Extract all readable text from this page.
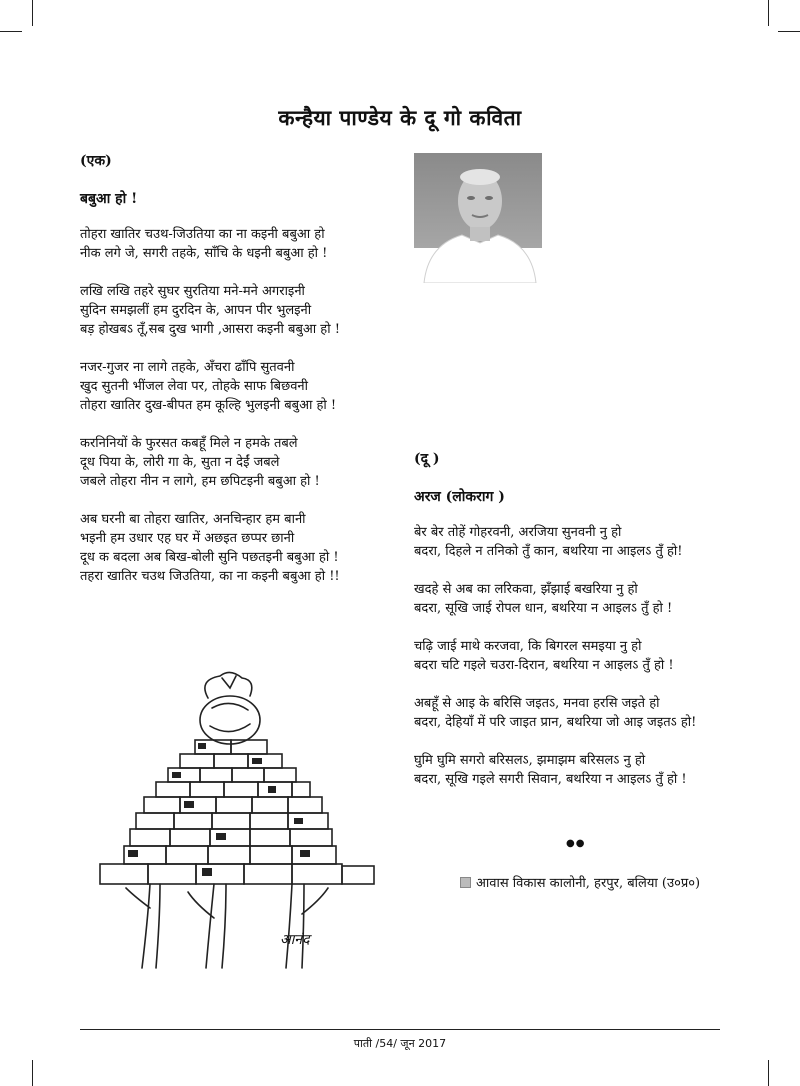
कन्हैया पाण्डेय के दू गो कविता

(एक)

बबुआ हो !

तोहरा खातिर चउथ-जिउतिया का ना कइनी बबुआ हो
नीक लगे जे, सगरी तहके, साँचि के धइनी बबुआ हो !
लखि लखि तहरे सुघर सुरतिया मने-मने अगराइनी
सुदिन समझलीं हम दुरदिन के, आपन पीर भुलइनी
बड़ होखबऽ तूँ,सब दुख भागी ,आसरा कइनी बबुआ हो !
नजर-गुजर ना लागे तहके, अँचरा ढाँपि सुतवनी
खुद सुतनी भींजल लेवा पर, तोहके साफ बिछवनी
तोहरा खातिर दुख-बीपत हम कूल्हि भुलइनी बबुआ हो !
करनिनियों के फुरसत कबहूँ मिले न हमके तबले
दूध पिया के, लोरी गा के, सुता न देईं जबले
जबले तोहरा नीन न लागे, हम छपिटइनी बबुआ हो !
अब घरनी बा तोहरा खातिर, अनचिन्हार हम बानी
भइनी हम उधार एह घर में अछइत छप्पर छानी
दूध क बदला अब बिख-बोली सुनि पछतइनी बबुआ हो !
तहरा खातिर चउथ जिउतिया, का ना कइनी बबुआ हो !!

(दू )

अरज (लोकराग )

बेर बेर तोहें गोहरवनी, अरजिया सुनवनी नु हो
बदरा, दिहले न तनिको तुँ कान, बथरिया ना आइलऽ तुँ हो!
खदहे से अब का लरिकवा, झँझाई बखरिया नु हो
बदरा, सूखि जाई रोपल धान, बथरिया न आइलऽ तुँ हो !
चढ़ि जाई माथे करजवा, कि बिगरल समइया नु हो
बदरा चटि गइले चउरा-दिरान, बथरिया न आइलऽ तुँ हो !
अबहूँ से आइ के बरिसि जइतऽ, मनवा हरसि जइते हो
बदरा, देहियाँ में परि जाइत प्रान, बथरिया जो आइ जइतऽ हो!
घुमि घुमि सगरो बरिसलऽ, झमाझम बरिसलऽ नु हो
बदरा, सूखि गइले सगरी सिवान, बथरिया न आइलऽ तुँ हो !
●●
आवास विकास कालोनी, हरपुर, बलिया (उ०प्र०)
आनंद
पाती /54/ जून 2017
